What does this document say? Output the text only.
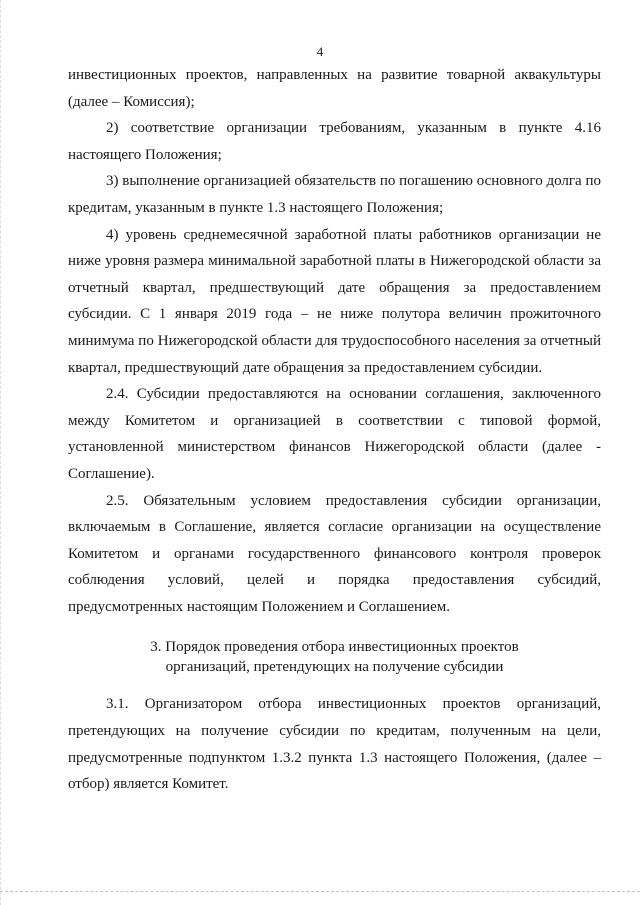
4

инвестиционных проектов, направленных на развитие товарной аквакультуры (далее – Комиссия);

2) соответствие организации требованиям, указанным в пункте 4.16 настоящего Положения;

3) выполнение организацией обязательств по погашению основного долга по кредитам, указанным в пункте 1.3 настоящего Положения;

4) уровень среднемесячной заработной платы работников организации не ниже уровня размера минимальной заработной платы в Нижегородской области за отчетный квартал, предшествующий дате обращения за предоставлением субсидии. С 1 января 2019 года – не ниже полутора величин прожиточного минимума по Нижегородской области для трудоспособного населения за отчетный квартал, предшествующий дате обращения за предоставлением субсидии.

2.4. Субсидии предоставляются на основании соглашения, заключенного между Комитетом и организацией в соответствии с типовой формой, установленной министерством финансов Нижегородской области (далее - Соглашение).

2.5. Обязательным условием предоставления субсидии организации, включаемым в Соглашение, является согласие организации на осуществление Комитетом и органами государственного финансового контроля проверок соблюдения условий, целей и порядка предоставления субсидий, предусмотренных настоящим Положением и Соглашением.

3. Порядок проведения отбора инвестиционных проектов
организаций, претендующих на получение субсидии

3.1. Организатором отбора инвестиционных проектов организаций, претендующих на получение субсидии по кредитам, полученным на цели, предусмотренные подпунктом 1.3.2 пункта 1.3 настоящего Положения, (далее – отбор) является Комитет.
